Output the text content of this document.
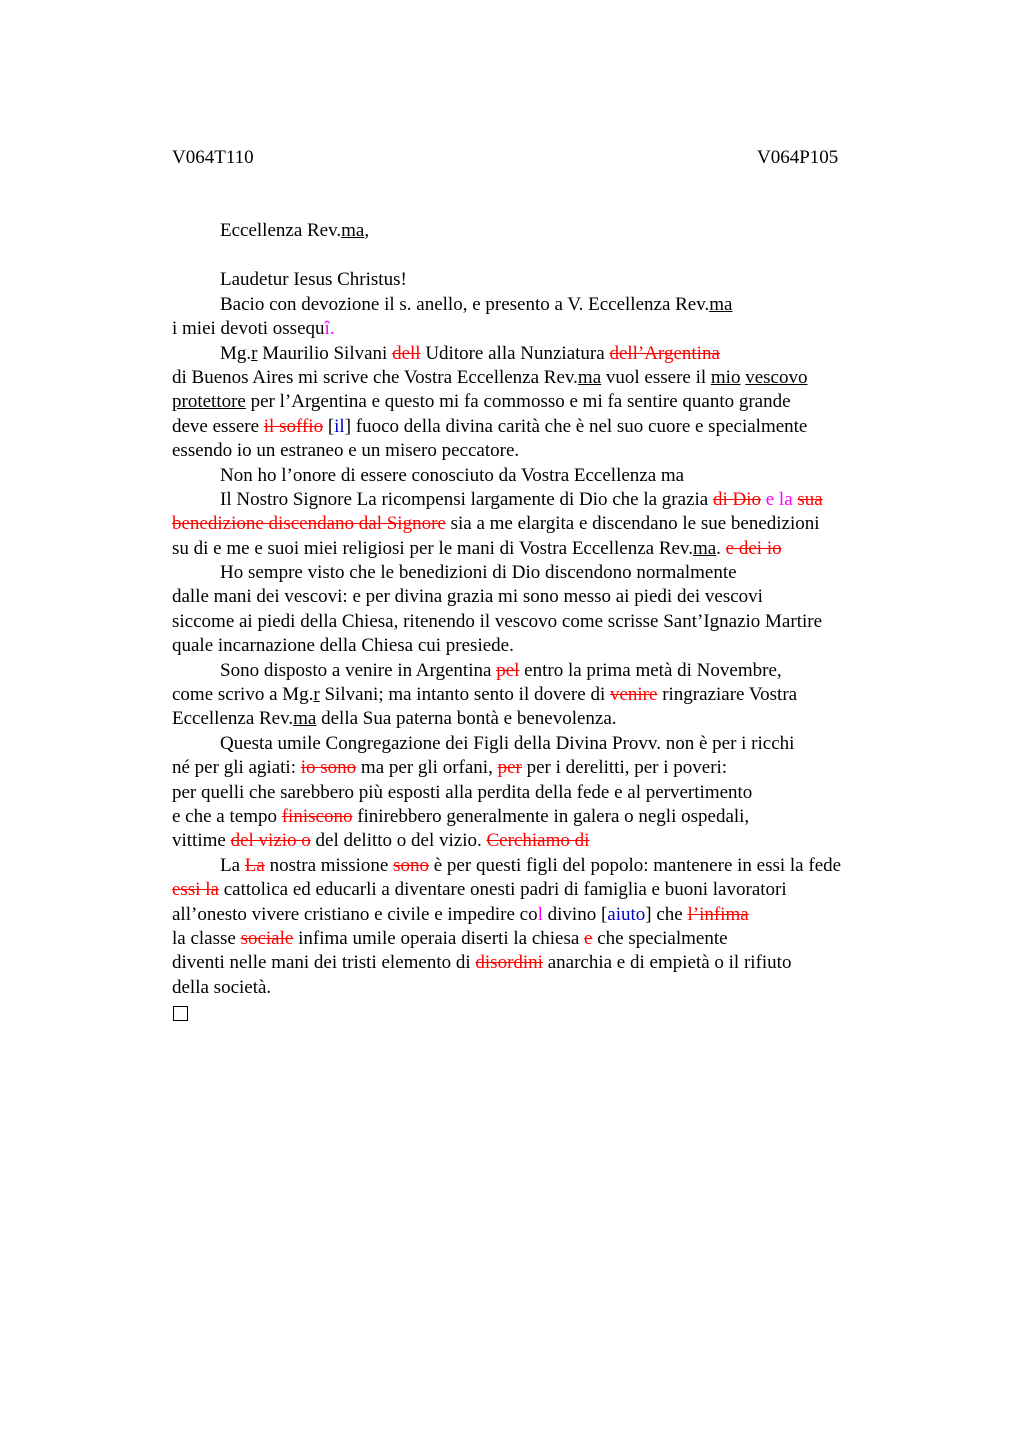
V064T110	V064P105
Eccellenza Rev.ma,
Laudetur Iesus Christus!
Bacio con devozione il s. anello, e presento a V. Eccellenza Rev.ma
i miei devoti ossequî.
Mg.r Maurilio Silvani dell Uditore alla Nunziatura dell’Argentina
di Buenos Aires mi scrive che Vostra Eccellenza Rev.ma vuol essere il mio vescovo
protettore per l’Argentina e questo mi fa commosso e mi fa sentire quanto grande
deve essere il soffio [il] fuoco della divina carità che è nel suo cuore e specialmente
essendo io un estraneo e un misero peccatore.
Non ho l’onore di essere conosciuto da Vostra Eccellenza ma
Il Nostro Signore La ricompensi largamente di Dio che la grazia di Dio e la sua
benedizione discendano dal Signore sia a me elargita e discendano le sue benedizioni
su di e me e suoi miei religiosi per le mani di Vostra Eccellenza Rev.ma. e dei io
Ho sempre visto che le benedizioni di Dio discendono normalmente
dalle mani dei vescovi: e per divina grazia mi sono messo ai piedi dei vescovi
siccome ai piedi della Chiesa, ritenendo il vescovo come scrisse Sant’Ignazio Martire
quale incarnazione della Chiesa cui presiede.
Sono disposto a venire in Argentina pel entro la prima metà di Novembre,
come scrivo a Mg.r Silvani; ma intanto sento il dovere di venire ringraziare Vostra
Eccellenza Rev.ma della Sua paterna bontà e benevolenza.
Questa umile Congregazione dei Figli della Divina Provv. non è per i ricchi
né per gli agiati: io sono ma per gli orfani, per per i derelitti, per i poveri:
per quelli che sarebbero più esposti alla perdita della fede e al pervertimento
e che a tempo finiscono finirebbero generalmente in galera o negli ospedali,
vittime del vizio o del delitto o del vizio. Cerchiamo di
La La nostra missione sono è per questi figli del popolo: mantenere in essi la fede
essi la cattolica ed educarli a diventare onesti padri di famiglia e buoni lavoratori
all’onesto vivere cristiano e civile e impedire col divino [aiuto] che l’infima
la classe sociale infima umile operaia diserti la chiesa e che specialmente
diventi nelle mani dei tristi elemento di disordini anarchia e di empietà o il rifiuto
della società.
